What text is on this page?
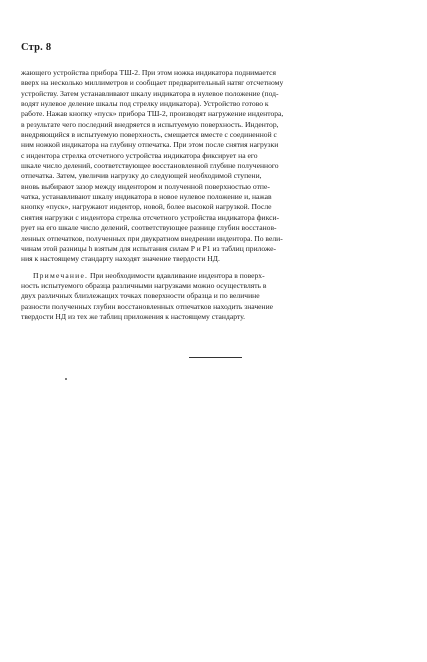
Стр. 8
жающего устройства прибора ТШ-2. При этом ножка индикатора поднимается
вверх на несколько миллиметров и сообщает предварительный натяг отсчетному
устройству. Затем устанавливают шкалу индикатора в нулевое положение (под-
водят нулевое деление шкалы под стрелку индикатора). Устройство готово к
работе. Нажав кнопку «пуск» прибора ТШ-2, производят нагружение индентора,
в результате чего последний внедряется в испытуемую поверхность. Индентор,
внедряющийся в испытуемую поверхность, смещается вместе с соединенной с
ним ножкой индикатора на глубину отпечатка. При этом после снятия нагрузки
с индентора стрелка отсчетного устройства индикатора фиксирует на его
шкале число делений, соответствующее восстановленной глубине полученного
отпечатка. Затем, увеличив нагрузку до следующей необходимой ступени,
вновь выбирают зазор между индентором и полученной поверхностью отпе-
чатка, устанавливают шкалу индикатора в новое нулевое положение и, нажав
кнопку «пуск», нагружают индентор, новой, более высокой нагрузкой. После
снятия нагрузки с индентора стрелка отсчетного устройства индикатора фикси-
рует на его шкале число делений, соответствующее разнице глубин восстанов-
ленных отпечатков, полученных при двукратном внедрении индентора. По вели-
чинам этой разницы h взятым для испытания силам P и P1 из таблиц приложе-
ния к настоящему стандарту находят значение твердости НД.
Примечание. При необходимости вдавливание индентора в поверх-
ность испытуемого образца различными нагрузками можно осуществлять в
двух различных близлежащих точках поверхности образца и по величине
разности полученных глубин восстановленных отпечатков находить значение
твердости НД из тех же таблиц приложения к настоящему стандарту.
